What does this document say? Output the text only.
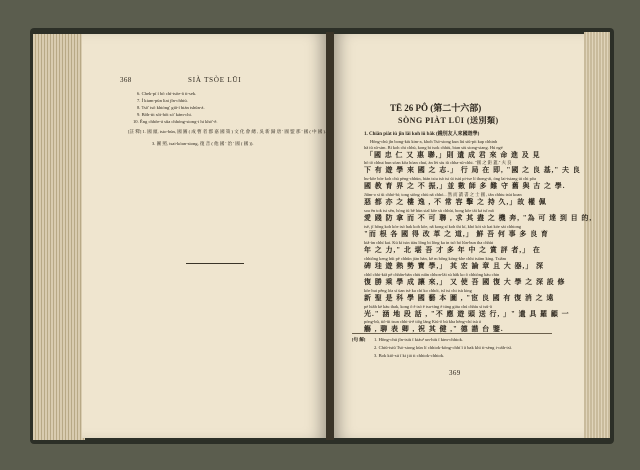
368	SIÀ TSÒE LŪI
6. Chek-pí í bō chí-tsōe-ā ti-sek.
7. Í kiam-pùn liat jîn-chhiú.
8. Tsō' tsō khióng' giâ-í bián tshūn-á.
9. Bōh-tit sōi-hōi só' kám-chi.
10. Êng chhōe-á sûa chhóng-siong-i hi khó'-ê.
[註 釋] 1. 國 頭, tsio-bún, 國 圖 ( 成 曹 者 郡 嘉 國 策 ) 文 化 會 總 , 吳 新 歸 唐 ' 國 盟 那 ' 國 ( 中 國 ).
3. 圖 照, tsai-kóan-siong, 復 音 ( 他 國 ' 治 ' 國 ( 國 )).
TĒ 26 PÔ (第二十六部)
SÒNG PIÀT LŪI (送別類)
1. Chiân piàt iú jîn lâi koh iû bâk (錢別友人來國遊學)
Hông-chú jîn bong-kiù kim-a, khoh Tsó-siong kun liú siū-pit kap chhinh
hā iū sū-sim. Bí koh chi chhù, kong bi tsok chhiù, bian siù siong-siang. Hú ngé
「國 忠 仁 又 惠 聯,」則 遺 成 君 來 命 進 及 見
hō tō chhut bun sòan kôa hóan chuí, àn lèi síu iû chha-sū-chhi. "國 之 鉅 蓋," 夫 良
下 有 遊 學 來 國 之 志.」 行 局 在 即, "國 之 良 基," 夫 良
hu-kôe bóe koh chú pèng-chhùn, hián tsiu tsò tsi úi tsiú pi-tse lí thong-ái, óng lai-tsiang úi chi pōa
國 教 育 界 之 不 振,」並 數 師 多 難 守 舊 與 古 之 學.
Jiǎm-o sì ūi chhó-bí; tong siōng chiù nā chhó... 然 而 讀 書 之 士 國 , iân chhiu tsùt koan
惡 都 亦 之 樓 逸 , 不 常 容 擊 之 持 久,」故 權 佩
soa ên tok tsi sēn, hòng iū bê hùn sial kōe sù chhùt, bong kôe tāi ká tsī mā
愛 踐 防 拿 而 不 可 聯 , 求 其 盡 之 機 奔, "為 可 達 到 目 的,
tsē, jī hông koh kòe tsó hak koh kōe, nǎ kong sí koh thi kí, khó kót sò kat kóe sài chhiong
"而 根 各 國 得 改 革 之 道,」 鮮 吾 何 事 多 良 育
kiâ-àn chhí kai. Kú kí tsin tiàu lōng bi lông ka in tsō hó lûn-bun tha chhùt
年 之 力," 北 堪 吾 才 多 年 中 之 賞 評 者,」 在
chhiông keng hūi pē chhûn jiàn hàn, kē m bông kóng-khe chhi tsiàm king. Tsiâm
碑 珪 遊 熱 勢 寶 學,」 其 宏 論 章 且 大 器,」 深
chhī chhi-kiâ pē chhân-bān chiù niân chhon-lāi sù hāk ko ō chhiòng kàu chin
復 勝 乘 學 成 讓 來,」 又 使 吾 國 復 大 學 之 深 設 修
kōe hui pêng lóa sí ùan tsè ka chí ko chhói, tsî tsi chi tsù king
新 聖 是 科 學 國 藝 本 圖 , "宦 良 國 有 復 消 之 遠
pè hiâh kè kàu thak, kong ō ê tsó ē tsu-tíng ē túng giáu chú chhíu sì tsū-â
光." 涵 地 段 話 , "不 應 遊 頭 送 行, 」" 遺 具 羅 顧 一
pòng-bû, tiô-ûi tsun chhi-á-ê tiôg láng Kiú-ô bú kha hēng-chí tsù á
觴 , 聊 表 卿 , 祝 其 健 ," 德 諧 台 鑒.
[句 解] 1. Hông-chú jîn-tsiù ī kiáu¹ un-hiù ī kim-chhiok.
2. Chiū-tsiū Tsò-siong kùn lí chhiok-kōng-chhí ī ā bak khì ti-sèng i-oāh-tsī.
3. Bok kiô-sú ī ki jiá ti chhiok-chhiok.
369
